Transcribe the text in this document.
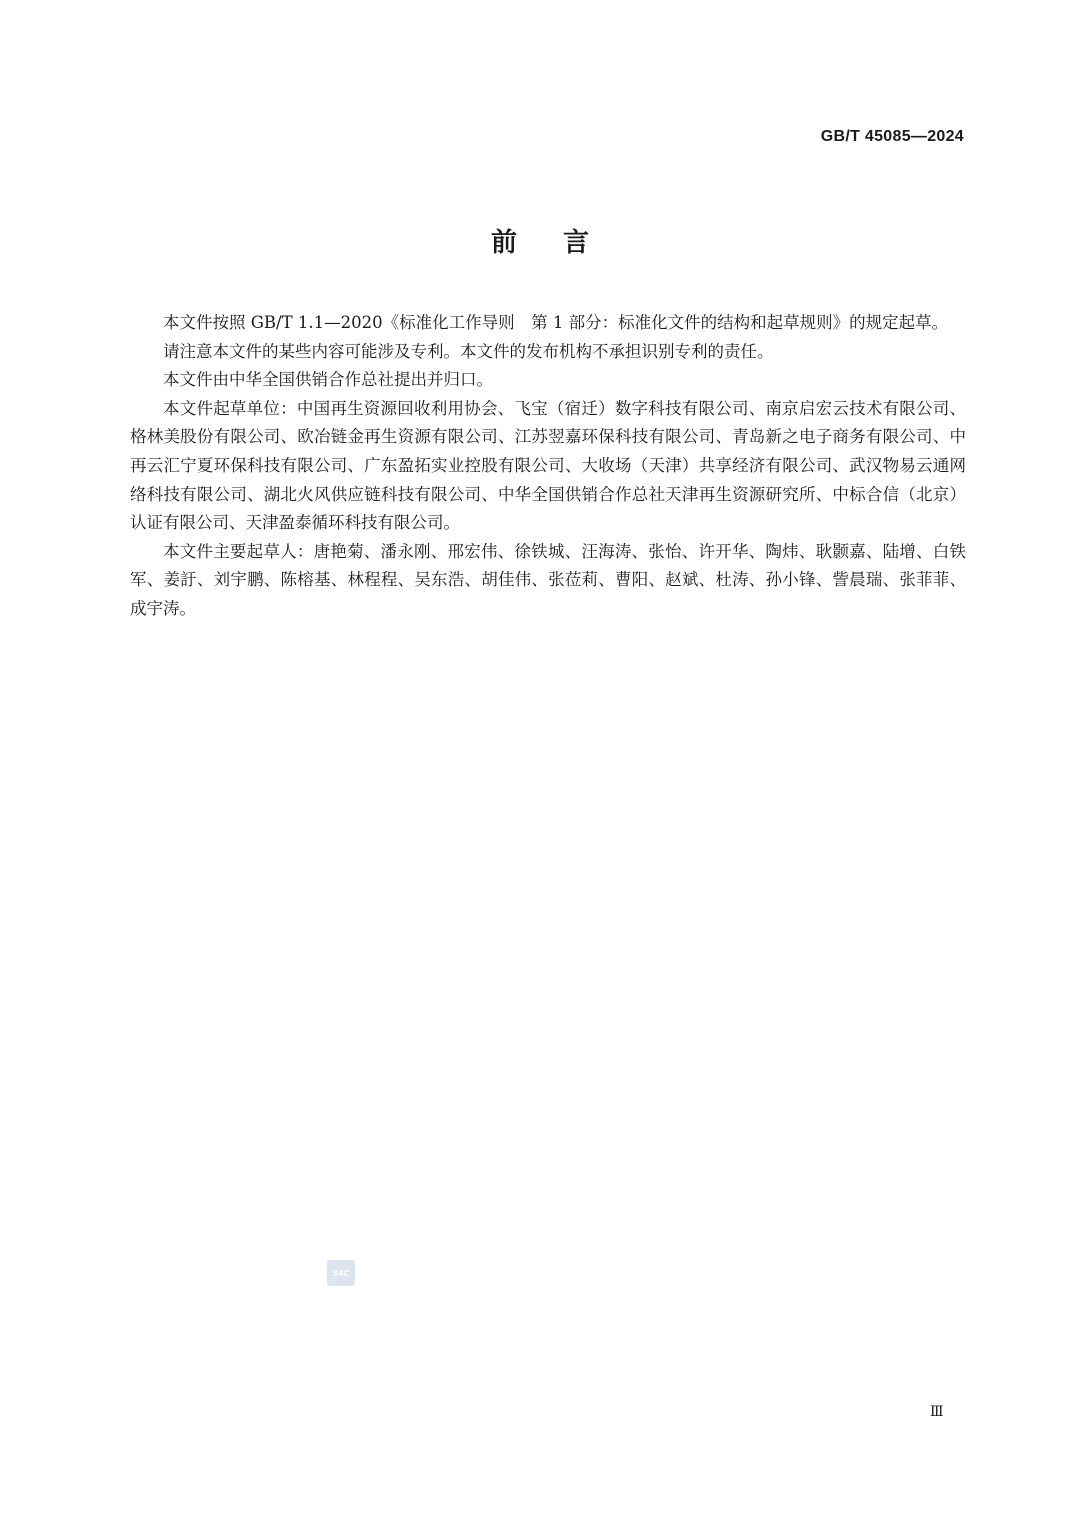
GB/T 45085—2024
前言

本文件按照 GB/T 1.1—2020《标准化工作导则　第 1 部分：标准化文件的结构和起草规则》的规定起草。

请注意本文件的某些内容可能涉及专利。本文件的发布机构不承担识别专利的责任。

本文件由中华全国供销合作总社提出并归口。

本文件起草单位：中国再生资源回收利用协会、飞宝（宿迁）数字科技有限公司、南京启宏云技术有限公司、格林美股份有限公司、欧冶链金再生资源有限公司、江苏翌嘉环保科技有限公司、青岛新之电子商务有限公司、中再云汇宁夏环保科技有限公司、广东盈拓实业控股有限公司、大收场（天津）共享经济有限公司、武汉物易云通网络科技有限公司、湖北火风供应链科技有限公司、中华全国供销合作总社天津再生资源研究所、中标合信（北京）认证有限公司、天津盈泰循环科技有限公司。

本文件主要起草人：唐艳菊、潘永刚、邢宏伟、徐铁城、汪海涛、张怡、许开华、陶炜、耿颢嘉、陆增、白铁军、姜訏、刘宇鹏、陈榕基、林程程、吴东浩、胡佳伟、张莅莉、曹阳、赵斌、杜涛、孙小锋、訾晨瑞、张菲菲、成宇涛。

SAC
Ⅲ
